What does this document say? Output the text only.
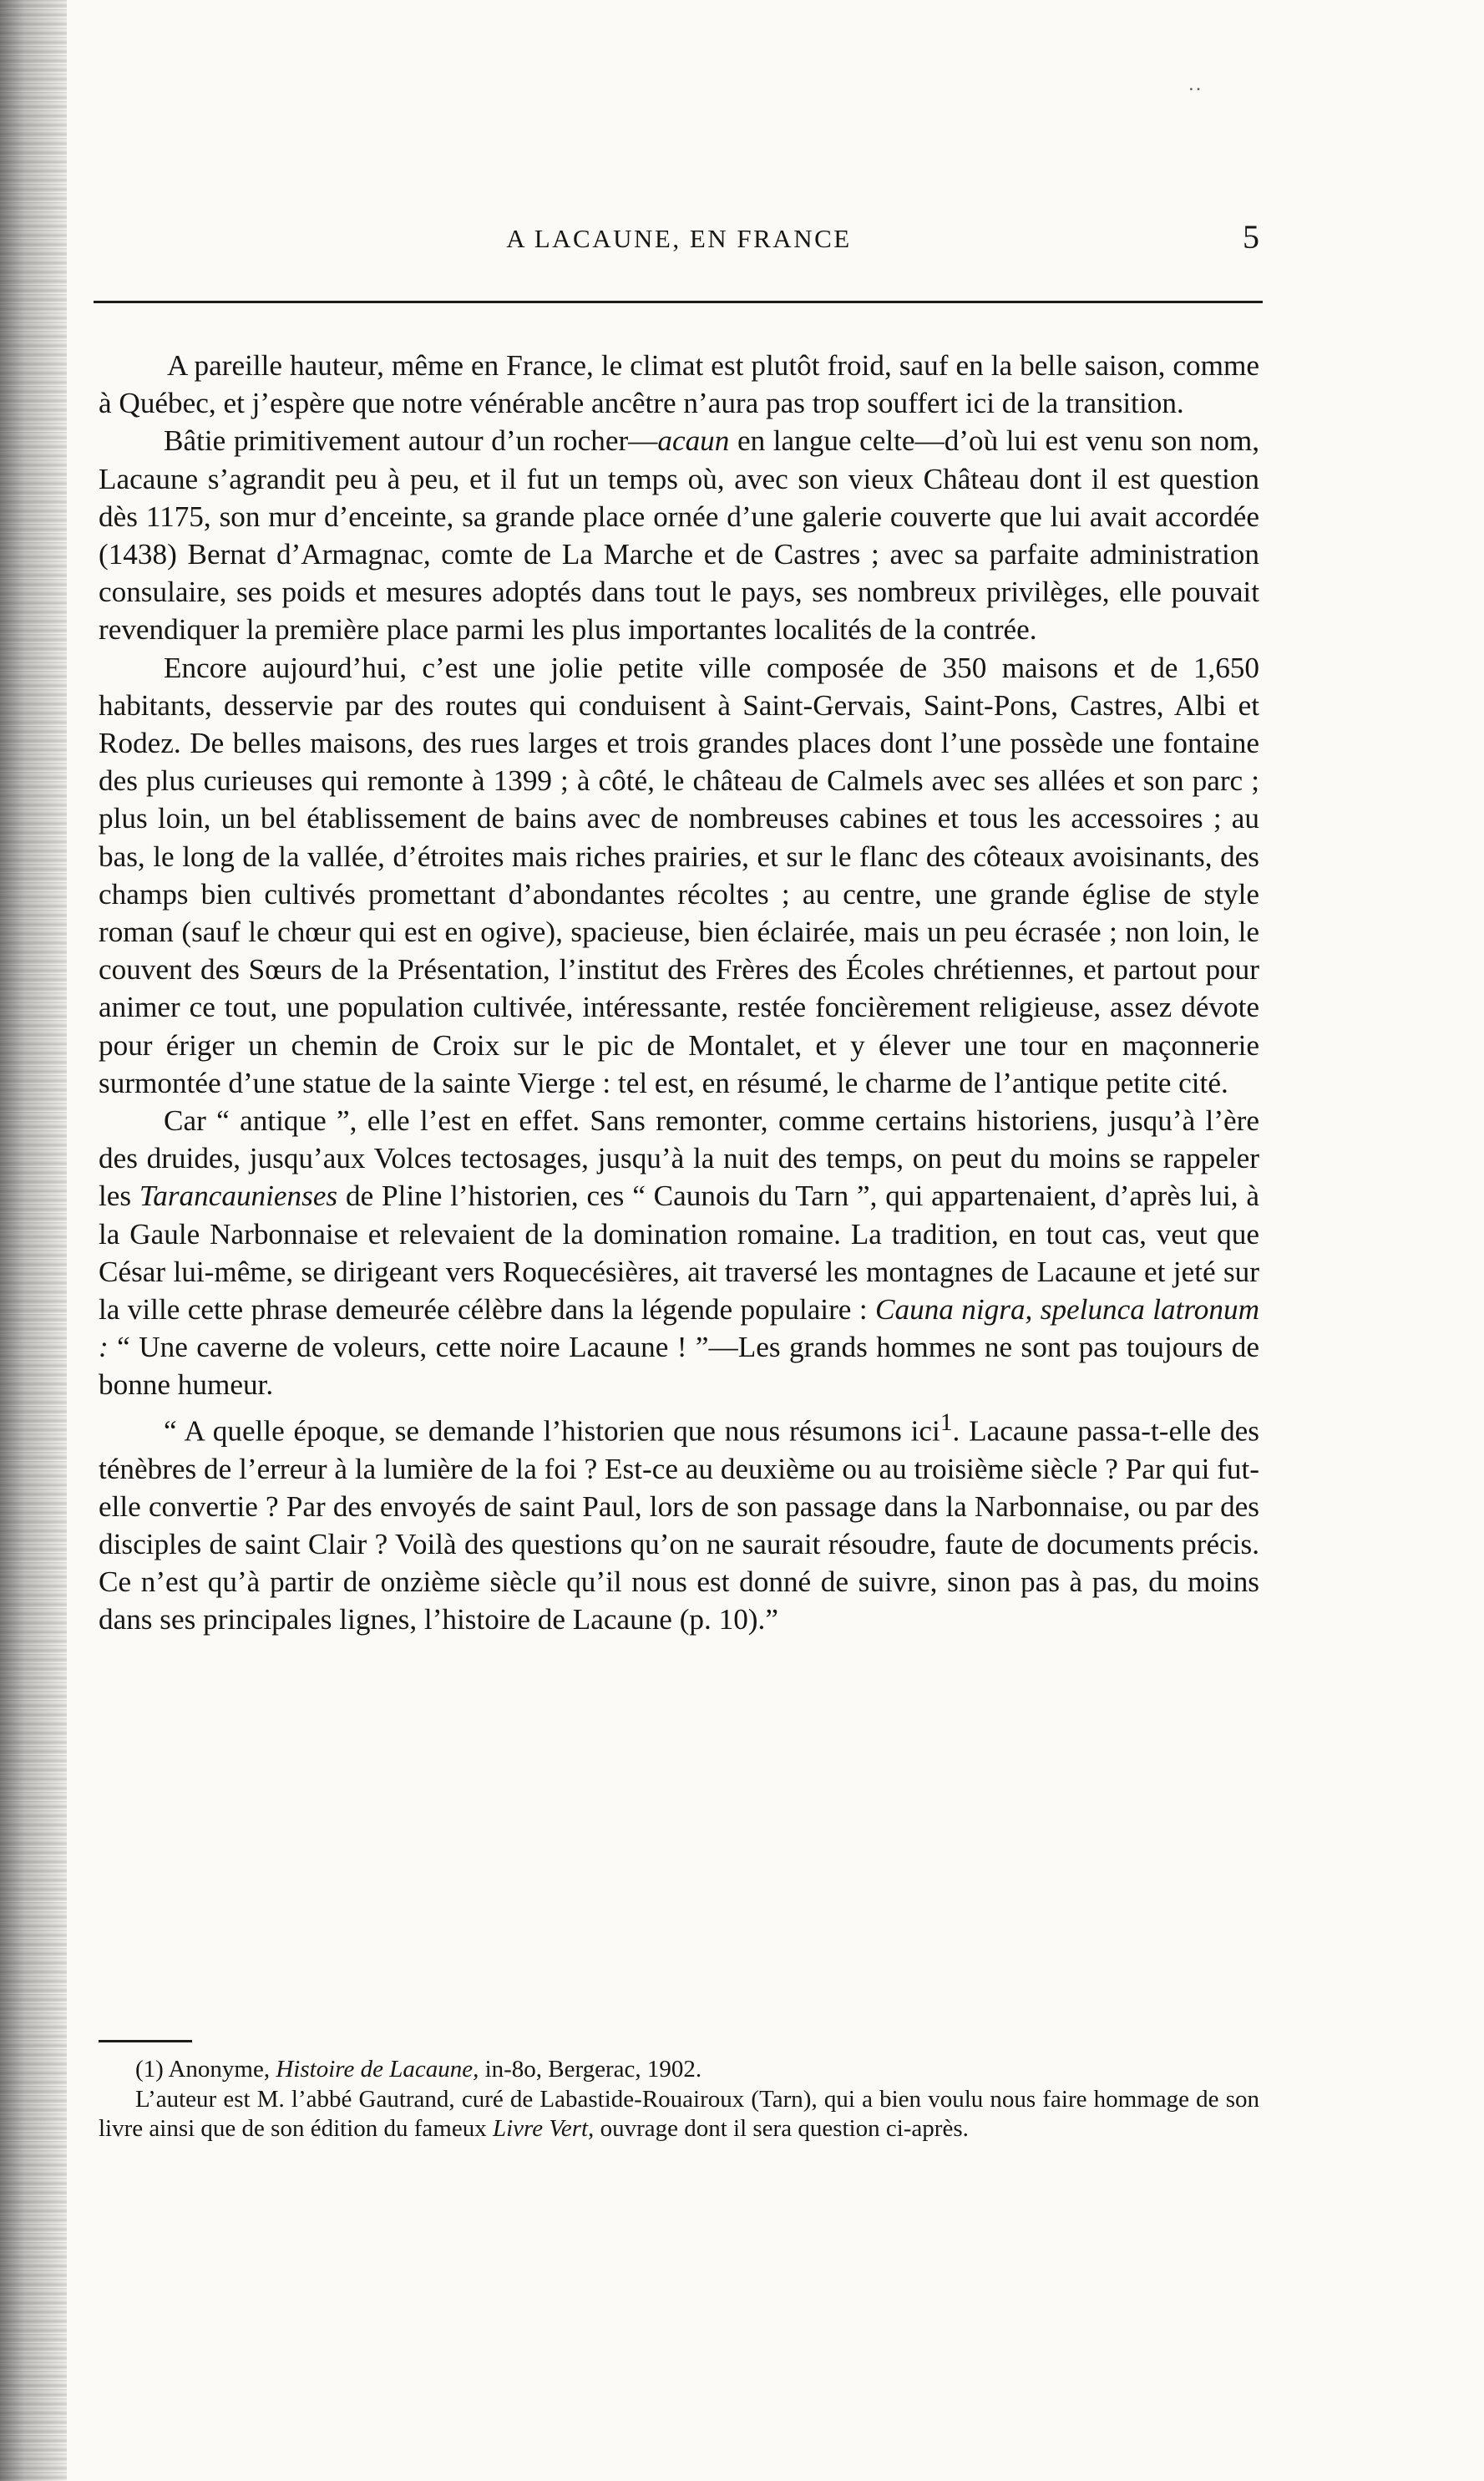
˙˙
A LACAUNE, EN FRANCE	5

A pareille hauteur, même en France, le climat est plutôt froid, sauf en la belle saison, comme à Québec, et j’espère que notre vénérable ancêtre n’aura pas trop souffert ici de la transition.

Bâtie primitivement autour d’un rocher—acaun en langue celte—d’où lui est venu son nom, Lacaune s’agrandit peu à peu, et il fut un temps où, avec son vieux Château dont il est question dès 1175, son mur d’enceinte, sa grande place ornée d’une galerie couverte que lui avait accordée (1438) Bernat d’Armagnac, comte de La Marche et de Castres ; avec sa parfaite administration consulaire, ses poids et mesures adoptés dans tout le pays, ses nombreux privilèges, elle pouvait revendiquer la première place parmi les plus importantes localités de la contrée.

Encore aujourd’hui, c’est une jolie petite ville composée de 350 maisons et de 1,650 habitants, desservie par des routes qui conduisent à Saint-Gervais, Saint-Pons, Castres, Albi et Rodez. De belles maisons, des rues larges et trois grandes places dont l’une possède une fontaine des plus curieuses qui remonte à 1399 ; à côté, le château de Calmels avec ses allées et son parc ; plus loin, un bel établissement de bains avec de nombreuses cabines et tous les accessoires ; au bas, le long de la vallée, d’étroites mais riches prairies, et sur le flanc des côteaux avoisinants, des champs bien cultivés promettant d’abondantes récoltes ; au centre, une grande église de style roman (sauf le chœur qui est en ogive), spacieuse, bien éclairée, mais un peu écrasée ; non loin, le couvent des Sœurs de la Présentation, l’institut des Frères des Écoles chrétiennes, et partout pour animer ce tout, une population cultivée, intéressante, restée foncièrement religieuse, assez dévote pour ériger un chemin de Croix sur le pic de Montalet, et y élever une tour en maçonnerie surmontée d’une statue de la sainte Vierge : tel est, en résumé, le charme de l’antique petite cité.

Car “ antique ”, elle l’est en effet. Sans remonter, comme certains historiens, jusqu’à l’ère des druides, jusqu’aux Volces tectosages, jusqu’à la nuit des temps, on peut du moins se rappeler les Tarancaunienses de Pline l’historien, ces “ Caunois du Tarn ”, qui appartenaient, d’après lui, à la Gaule Narbonnaise et relevaient de la domination romaine. La tradition, en tout cas, veut que César lui-même, se dirigeant vers Roquecésières, ait traversé les montagnes de Lacaune et jeté sur la ville cette phrase demeurée célèbre dans la légende populaire : Cauna nigra, spelunca latronum : “ Une caverne de voleurs, cette noire Lacaune ! ”—Les grands hommes ne sont pas toujours de bonne humeur.

“ A quelle époque, se demande l’historien que nous résumons ici$^1$. Lacaune passa-t-elle des ténèbres de l’erreur à la lumière de la foi ? Est-ce au deuxième ou au troisième siècle ? Par qui fut-elle convertie ? Par des envoyés de saint Paul, lors de son passage dans la Narbonnaise, ou par des disciples de saint Clair ? Voilà des questions qu’on ne saurait résoudre, faute de documents précis. Ce n’est qu’à partir de onzième siècle qu’il nous est donné de suivre, sinon pas à pas, du moins dans ses principales lignes, l’histoire de Lacaune (p. 10).”

(1) Anonyme, Histoire de Lacaune, in-8o, Bergerac, 1902.

L’auteur est M. l’abbé Gautrand, curé de Labastide-Rouairoux (Tarn), qui a bien voulu nous faire hommage de son livre ainsi que de son édition du fameux Livre Vert, ouvrage dont il sera question ci-après.
